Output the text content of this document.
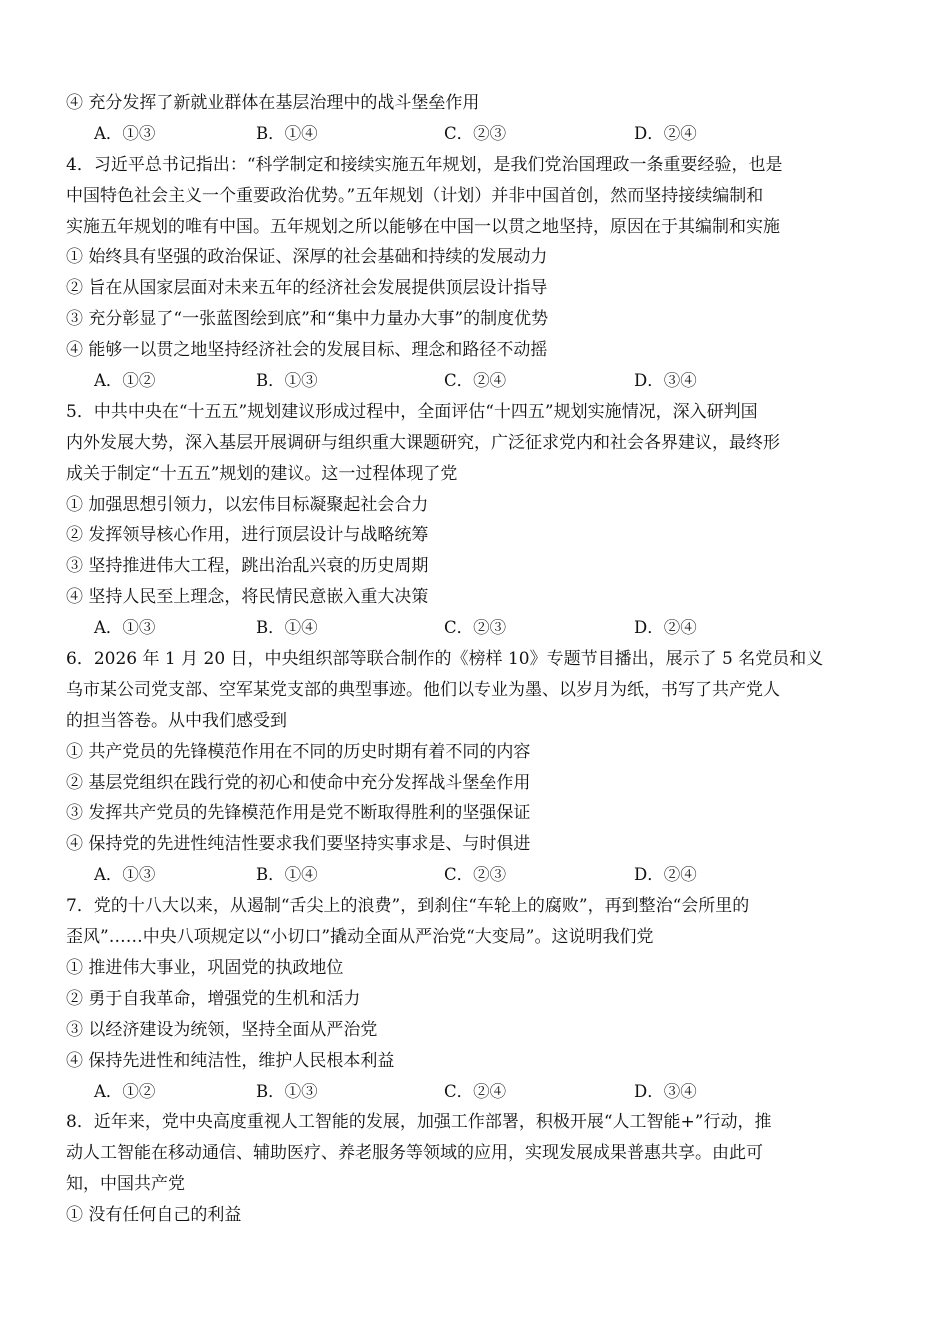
④ 充分发挥了新就业群体在基层治理中的战斗堡垒作用
A．①③	B．①④	C．②③	D．②④
4．习近平总书记指出：“科学制定和接续实施五年规划，是我们党治国理政一条重要经验，也是
中国特色社会主义一个重要政治优势。”五年规划（计划）并非中国首创，然而坚持接续编制和
实施五年规划的唯有中国。五年规划之所以能够在中国一以贯之地坚持，原因在于其编制和实施
① 始终具有坚强的政治保证、深厚的社会基础和持续的发展动力
② 旨在从国家层面对未来五年的经济社会发展提供顶层设计指导
③ 充分彰显了“一张蓝图绘到底”和“集中力量办大事”的制度优势
④ 能够一以贯之地坚持经济社会的发展目标、理念和路径不动摇
A．①②	B．①③	C．②④	D．③④
5．中共中央在“十五五”规划建议形成过程中，全面评估“十四五”规划实施情况，深入研判国
内外发展大势，深入基层开展调研与组织重大课题研究，广泛征求党内和社会各界建议，最终形
成关于制定“十五五”规划的建议。这一过程体现了党
① 加强思想引领力，以宏伟目标凝聚起社会合力
② 发挥领导核心作用，进行顶层设计与战略统筹
③ 坚持推进伟大工程，跳出治乱兴衰的历史周期
④ 坚持人民至上理念，将民情民意嵌入重大决策
A．①③	B．①④	C．②③	D．②④
6．2026 年 1 月 20 日，中央组织部等联合制作的《榜样 10》专题节目播出，展示了 5 名党员和义
乌市某公司党支部、空军某党支部的典型事迹。他们以专业为墨、以岁月为纸，书写了共产党人
的担当答卷。从中我们感受到
① 共产党员的先锋模范作用在不同的历史时期有着不同的内容
② 基层党组织在践行党的初心和使命中充分发挥战斗堡垒作用
③ 发挥共产党员的先锋模范作用是党不断取得胜利的坚强保证
④ 保持党的先进性纯洁性要求我们要坚持实事求是、与时俱进
A．①③	B．①④	C．②③	D．②④
7．党的十八大以来，从遏制“舌尖上的浪费”，到刹住“车轮上的腐败”，再到整治“会所里的
歪风”……中央八项规定以“小切口”撬动全面从严治党“大变局”。这说明我们党
① 推进伟大事业，巩固党的执政地位
② 勇于自我革命，增强党的生机和活力
③ 以经济建设为统领，坚持全面从严治党
④ 保持先进性和纯洁性，维护人民根本利益
A．①②	B．①③	C．②④	D．③④
8．近年来，党中央高度重视人工智能的发展，加强工作部署，积极开展“人工智能+”行动，推
动人工智能在移动通信、辅助医疗、养老服务等领域的应用，实现发展成果普惠共享。由此可
知，中国共产党
① 没有任何自己的利益
